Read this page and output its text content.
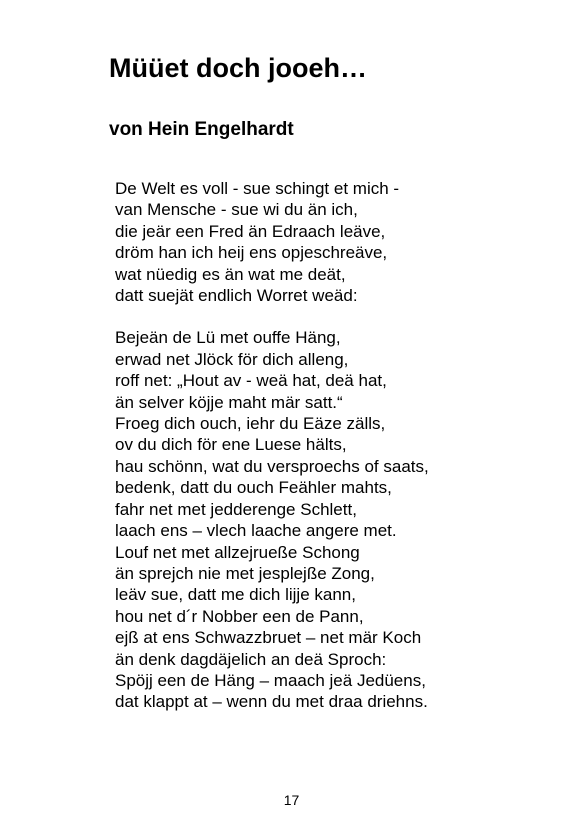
Müüet doch jooeh…
von Hein Engelhardt

De Welt es voll - sue schingt et mich -
van Mensche - sue wi du än ich,
die jeär een Fred än Edraach leäve,
dröm han ich heij ens opjeschreäve,
wat nüedig es än wat me deät,
datt suejät endlich Worret weäd:

Bejeän de Lü met ouffe Häng,
erwad net Jlöck för dich alleng,
roff net: „Hout av - weä hat, deä hat,
än selver köjje maht mär satt.“
Froeg dich ouch, iehr du Eäze zälls,
ov du dich för ene Luese hälts,
hau schönn, wat du versproechs of saats,
bedenk, datt du ouch Feähler mahts,
fahr net met jedderenge Schlett,
laach ens – vlech laache angere met.
Louf net met allzejrueße Schong
än sprejch nie met jesplejße Zong,
leäv sue, datt me dich lijje kann,
hou net d´r Nobber een de Pann,
ejß at ens Schwazzbruet – net mär Koch
än denk dagdäjelich an deä Sproch:
Spöjj een de Häng – maach jeä Jedüens,
dat klappt at – wenn du met draa driehns.

17
